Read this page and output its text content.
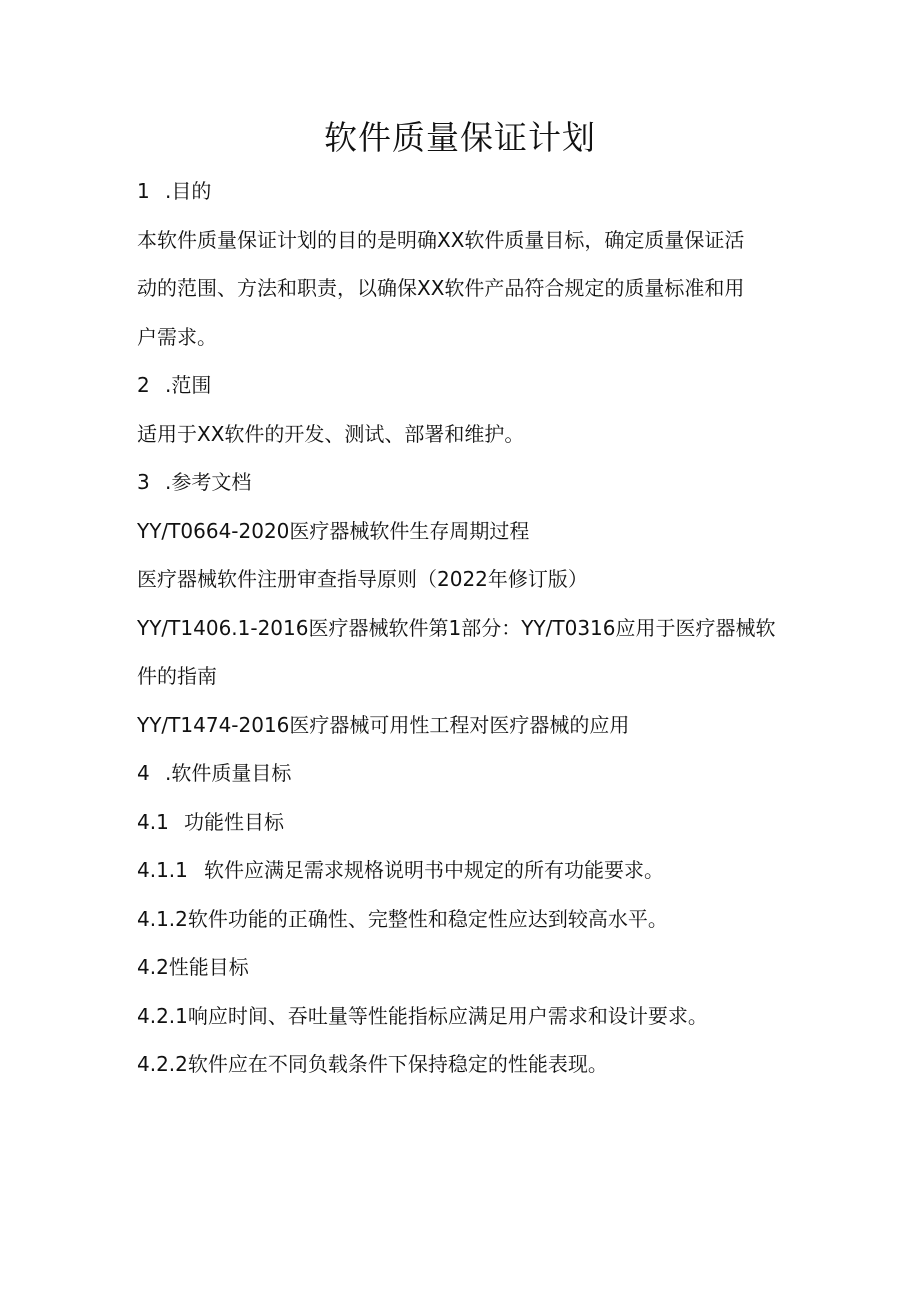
软件质量保证计划
1 .目的
本软件质量保证计划的目的是明确XX软件质量目标，确定质量保证活
动的范围、方法和职责，以确保XX软件产品符合规定的质量标准和用
户需求。
2 .范围
适用于XX软件的开发、测试、部署和维护。
3 .参考文档
YY/T0664-2020医疗器械软件生存周期过程
医疗器械软件注册审查指导原则（2022年修订版）
YY/T1406.1-2016医疗器械软件第1部分：YY/T0316应用于医疗器械软
件的指南
YY/T1474-2016医疗器械可用性工程对医疗器械的应用
4 .软件质量目标
4.1 功能性目标
4.1.1 软件应满足需求规格说明书中规定的所有功能要求。
4.1.2软件功能的正确性、完整性和稳定性应达到较高水平。
4.2性能目标
4.2.1响应时间、吞吐量等性能指标应满足用户需求和设计要求。
4.2.2软件应在不同负载条件下保持稳定的性能表现。
